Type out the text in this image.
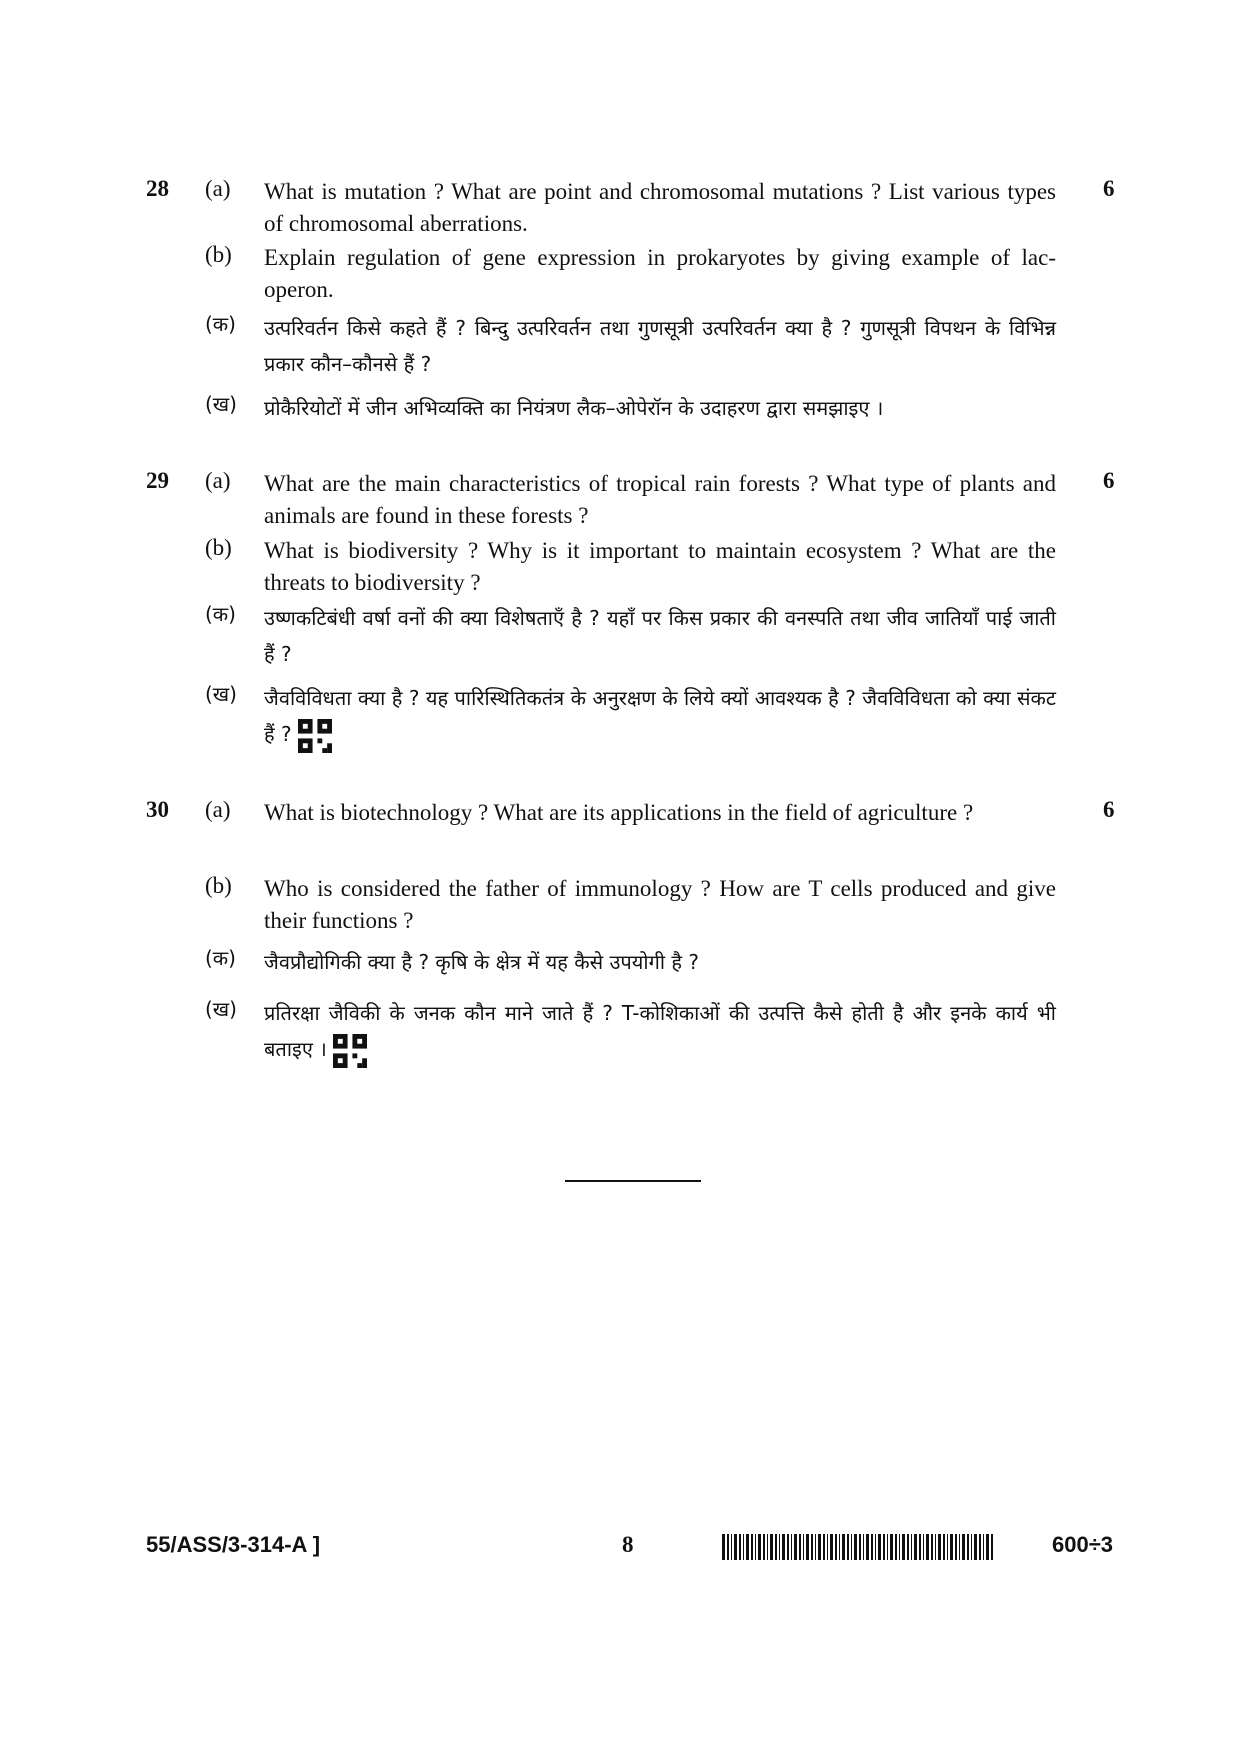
28	6
(a) What is mutation ? What are point and chromosomal mutations ? List various types of chromosomal aberrations.
(b) Explain regulation of gene expression in prokaryotes by giving example of lac-operon.
(क) उत्परिवर्तन किसे कहते हैं ? बिन्दु उत्परिवर्तन तथा गुणसूत्री उत्परिवर्तन क्या है ? गुणसूत्री विपथन के विभिन्न प्रकार कौन–कौनसे हैं ?
(ख) प्रोकैरियोटों में जीन अभिव्यक्ति का नियंत्रण लैक–ओपेरॉन के उदाहरण द्वारा समझाइए ।
29	6
(a) What are the main characteristics of tropical rain forests ? What type of plants and animals are found in these forests ?
(b) What is biodiversity ? Why is it important to maintain ecosystem ? What are the threats to biodiversity ?
(क) उष्णकटिबंधी वर्षा वनों की क्या विशेषताएँ है ? यहाँ पर किस प्रकार की वनस्पति तथा जीव जातियाँ पाई जाती हैं ?
(ख) जैवविविधता क्या है ? यह पारिस्थितिकतंत्र के अनुरक्षण के लिये क्यों आवश्यक है ? जैवविविधता को क्या संकट हैं ?
30	6
(a) What is biotechnology ? What are its applications in the field of agriculture ?
(b) Who is considered the father of immunology ? How are T cells produced and give their functions ?
(क) जैवप्रौद्योगिकी क्या है ? कृषि के क्षेत्र में यह कैसे उपयोगी है ?
(ख) प्रतिरक्षा जैविकी के जनक कौन माने जाते हैं ? T-कोशिकाओं की उत्पत्ति कैसे होती है और इनके कार्य भी बताइए ।
55/ASS/3-314-A ]	8	600÷3
